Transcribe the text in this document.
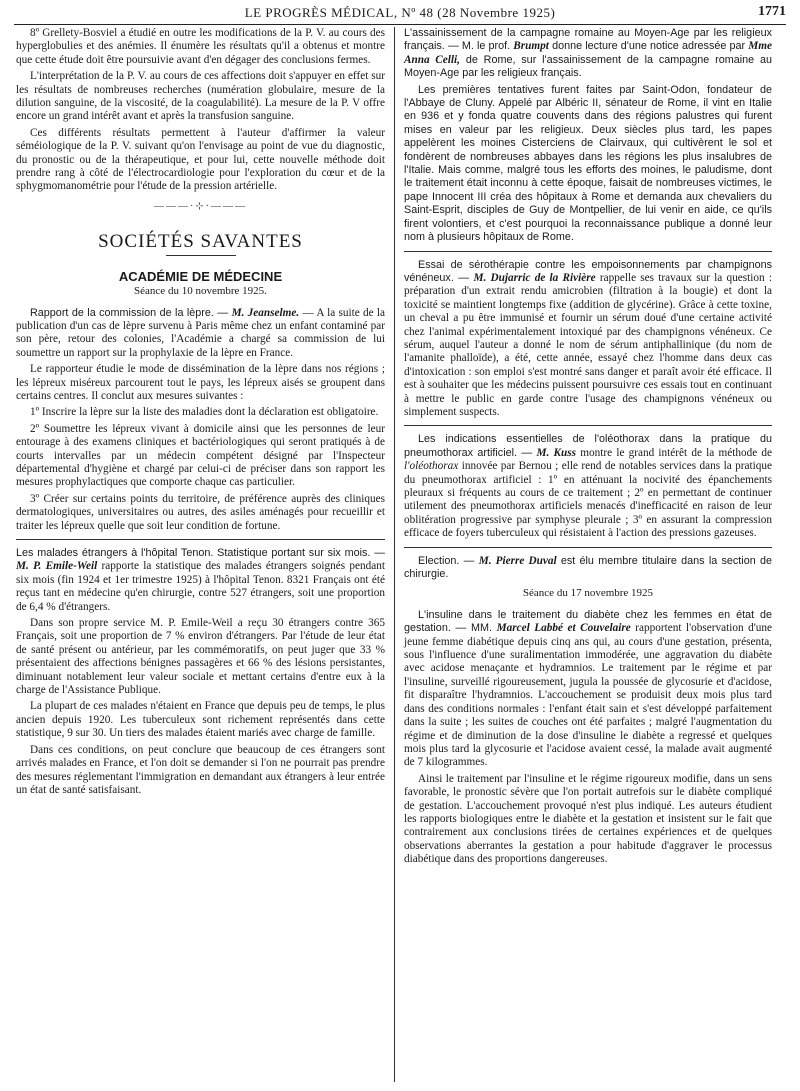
LE PROGRÈS MÉDICAL, Nº 48 (28 Novembre 1925)	1771

8º Grellety-Bosviel a étudié en outre les modifications de la P. V. au cours des hyperglobulies et des anémies. Il énumère les résultats qu'il a obtenus et montre que cette étude doit être poursuivie avant d'en dégager des conclusions fermes.

L'interprétation de la P. V. au cours de ces affections doit s'appuyer en effet sur les résultats de nombreuses recherches (numération globulaire, mesure de la dilution sanguine, de la viscosité, de la coagulabilité). La mesure de la P. V offre encore un grand intérêt avant et après la transfusion sanguine.

Ces différents résultats permettent à l'auteur d'affirmer la valeur séméiologique de la P. V. suivant qu'on l'envisage au point de vue du diagnostic, du pronostic ou de la thérapeutique, et pour lui, cette nouvelle méthode doit prendre rang à côté de l'électrocardiologie pour l'exploration du cœur et de la sphygmomanométrie pour l'étude de la pression artérielle.

———·⊹·———
SOCIÉTÉS SAVANTES
ACADÉMIE DE MÉDECINE
Séance du 10 novembre 1925.

Rapport de la commission de la lèpre. — M. Jeanselme. — A la suite de la publication d'un cas de lèpre survenu à Paris même chez un enfant contaminé par son père, retour des colonies, l'Académie a chargé sa commission de lui soumettre un rapport sur la prophylaxie de la lèpre en France.

Le rapporteur étudie le mode de dissémination de la lèpre dans nos régions ; les lépreux miséreux parcourent tout le pays, les lépreux aisés se groupent dans certains centres. Il conclut aux mesures suivantes :

1º Inscrire la lèpre sur la liste des maladies dont la déclaration est obligatoire.

2º Soumettre les lépreux vivant à domicile ainsi que les personnes de leur entourage à des examens cliniques et bactériologiques qui seront pratiqués à de courts intervalles par un médecin compétent désigné par l'Inspecteur départemental d'hygiène et chargé par celui-ci de préciser dans son rapport les mesures prophylactiques que comporte chaque cas particulier.

3º Créer sur certains points du territoire, de préférence auprès des cliniques dermatologiques, universitaires ou autres, des asiles aménagés pour recueillir et traiter les lépreux quelle que soit leur condition de fortune.

Les malades étrangers à l'hôpital Tenon. Statistique portant sur six mois. — M. P. Emile-Weil rapporte la statistique des malades étrangers soignés pendant six mois (fin 1924 et 1er trimestre 1925) à l'hôpital Tenon. 8321 Français ont été reçus tant en médecine qu'en chirurgie, contre 527 étrangers, soit une proportion de 6,4 % d'étrangers.

Dans son propre service M. P. Emile-Weil a reçu 30 étrangers contre 365 Français, soit une proportion de 7 % environ d'étrangers. Par l'étude de leur état de santé présent ou antérieur, par les commémoratifs, on peut juger que 33 % présentaient des affections bénignes passagères et 66 % des lésions persistantes, diminuant notablement leur valeur sociale et mettant certains d'entre eux à la charge de l'Assistance Publique.

La plupart de ces malades n'étaient en France que depuis peu de temps, le plus ancien depuis 1920. Les tuberculeux sont richement représentés dans cette statistique, 9 sur 30. Un tiers des malades étaient mariés avec charge de famille.

Dans ces conditions, on peut conclure que beaucoup de ces étrangers sont arrivés malades en France, et l'on doit se demander si l'on ne pourrait pas prendre des mesures réglementant l'immigration en demandant aux étrangers à leur entrée un état de santé satisfaisant.

L'assainissement de la campagne romaine au Moyen-Age par les religieux français. — M. le prof. Brumpt donne lecture d'une notice adressée par Mme Anna Celli, de Rome, sur l'assainissement de la campagne romaine au Moyen-Age par les religieux français.

Les premières tentatives furent faites par Saint-Odon, fondateur de l'Abbaye de Cluny. Appelé par Albéric II, sénateur de Rome, il vint en Italie en 936 et y fonda quatre couvents dans des régions palustres qui furent mises en valeur par les religieux. Deux siècles plus tard, les papes appelèrent les moines Cisterciens de Clairvaux, qui cultivèrent le sol et fondèrent de nombreuses abbayes dans les régions les plus insalubres de l'Italie. Mais comme, malgré tous les efforts des moines, le paludisme, dont le traitement était inconnu à cette époque, faisait de nombreuses victimes, le pape Innocent III créa des hôpitaux à Rome et demanda aux chevaliers du Saint-Esprit, disciples de Guy de Montpellier, de lui venir en aide, ce qu'ils firent volontiers, et c'est pourquoi la reconnaissance publique a donné leur nom à plusieurs hôpitaux de Rome.

Essai de sérothérapie contre les empoisonnements par champignons vénéneux. — M. Dujarric de la Rivière rappelle ses travaux sur la question : préparation d'un extrait rendu amicrobien (filtration à la bougie) et dont la toxicité se maintient longtemps fixe (addition de glycérine). Grâce à cette toxine, un cheval a pu être immunisé et fournir un sérum doué d'une certaine activité chez l'animal expérimentalement intoxiqué par des champignons vénéneux. Ce sérum, auquel l'auteur a donné le nom de sérum antiphallinique (du nom de l'amanite phalloïde), a été, cette année, essayé chez l'homme dans deux cas d'intoxication : son emploi s'est montré sans danger et paraît avoir été efficace. Il est à souhaiter que les médecins puissent poursuivre ces essais tout en continuant à mettre le public en garde contre l'usage des champignons vénéneux ou simplement suspects.

Les indications essentielles de l'oléothorax dans la pratique du pneumothorax artificiel. — M. Kuss montre le grand intérêt de la méthode de l'oléothorax innovée par Bernou ; elle rend de notables services dans la pratique du pneumothorax artificiel : 1º en atténuant la nocivité des épanchements pleuraux si fréquents au cours de ce traitement ; 2º en permettant de continuer utilement des pneumothorax artificiels menacés d'inefficacité en raison de leur oblitération progressive par symphyse pleurale ; 3º en assurant la compression efficace de foyers tuberculeux qui résistaient à l'action des pressions gazeuses.

Election. — M. Pierre Duval est élu membre titulaire dans la section de chirurgie.

Séance du 17 novembre 1925

L'insuline dans le traitement du diabète chez les femmes en état de gestation. — MM. Marcel Labbé et Couvelaire rapportent l'observation d'une jeune femme diabétique depuis cinq ans qui, au cours d'une gestation, présenta, sous l'influence d'une suralimentation immodérée, une aggravation du diabète avec acidose menaçante et hydramnios. Le traitement par le régime et par l'insuline, surveillé rigoureusement, jugula la poussée de glycosurie et d'acidose, fit disparaître l'hydramnios. L'accouchement se produisit deux mois plus tard dans des conditions normales : l'enfant était sain et s'est développé parfaitement dans la suite ; les suites de couches ont été parfaites ; malgré l'augmentation du régime et de diminution de la dose d'insuline le diabète a regressé et quelques mois plus tard la glycosurie et l'acidose avaient cessé, la malade avait augmenté de 7 kilogrammes.

Ainsi le traitement par l'insuline et le régime rigoureux modifie, dans un sens favorable, le pronostic sévère que l'on portait autrefois sur le diabète compliqué de gestation. L'accouchement provoqué n'est plus indiqué. Les auteurs étudient les rapports biologiques entre le diabète et la gestation et insistent sur le fait que contrairement aux conclusions tirées de certaines expériences et de quelques observations aberrantes la gestation a pour habitude d'aggraver le processus diabétique dans des proportions dangereuses.
